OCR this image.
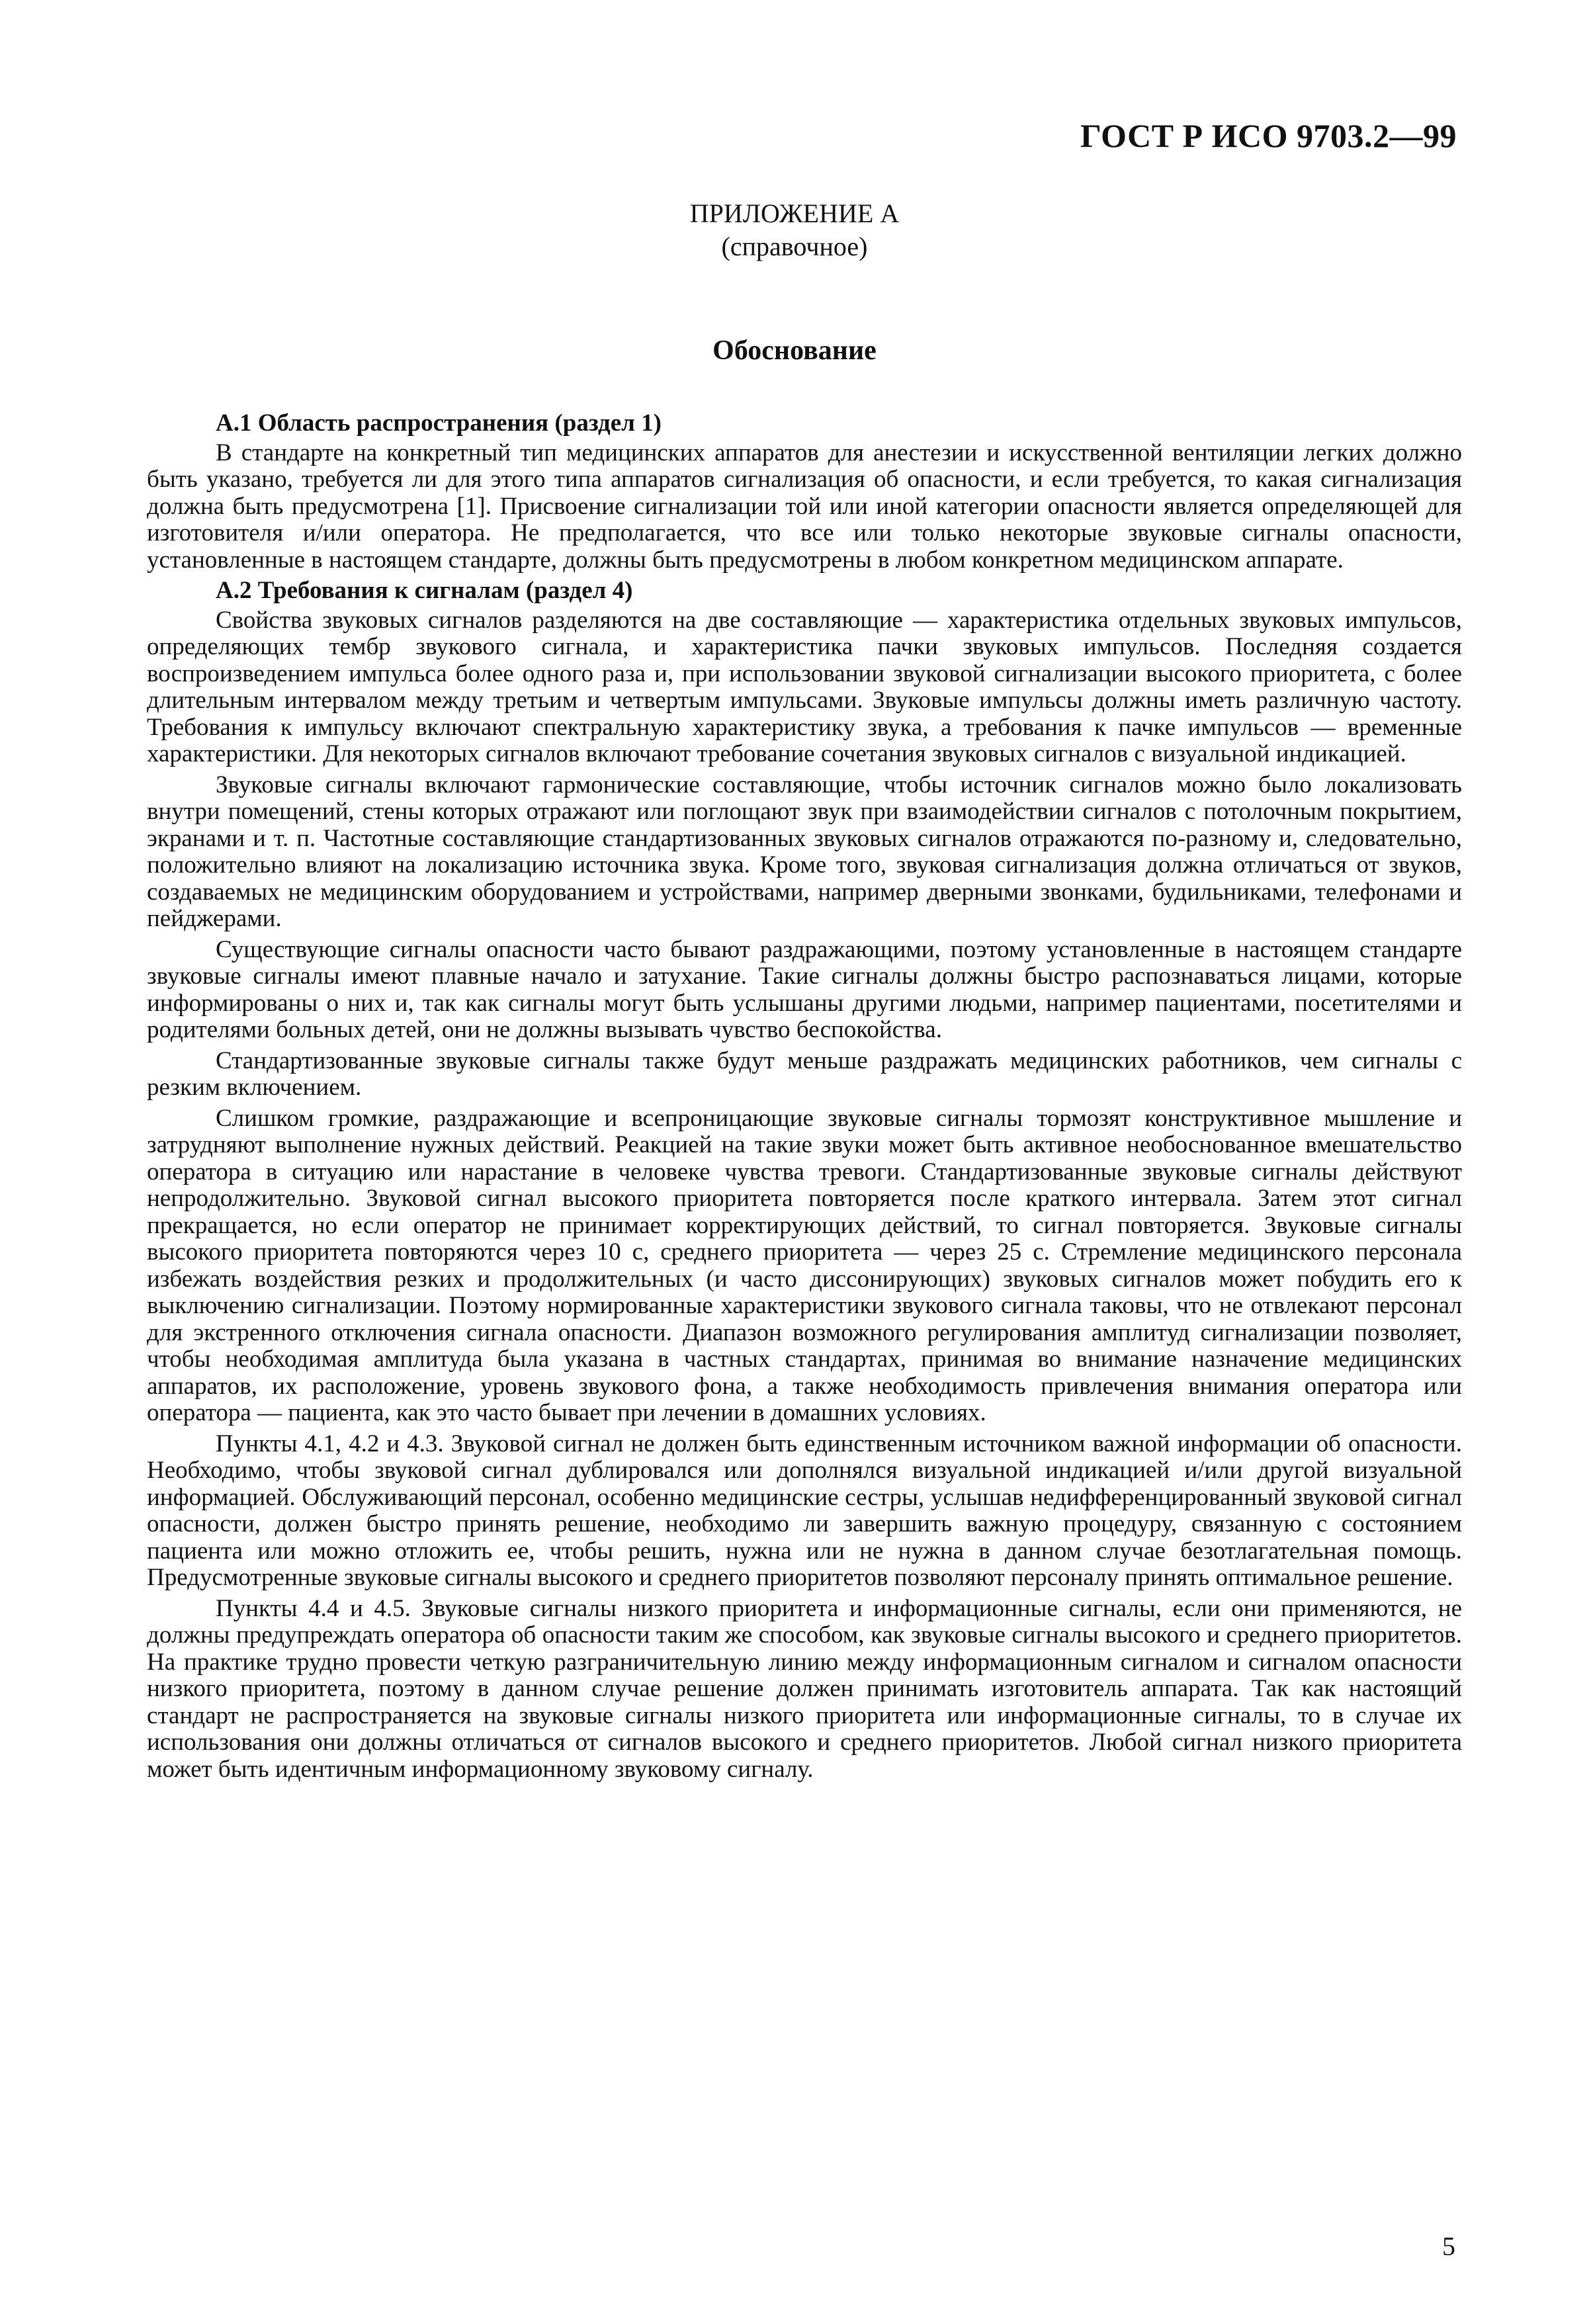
ГОСТ Р ИСО 9703.2—99
ПРИЛОЖЕНИЕ А
(справочное)
Обоснование
А.1 Область распространения (раздел 1)

В стандарте на конкретный тип медицинских аппаратов для анестезии и искусственной вентиляции легких должно быть указано, требуется ли для этого типа аппаратов сигнализация об опасности, и если требуется, то какая сигнализация должна быть предусмотрена [1]. Присвоение сигнализации той или иной категории опасности является определяющей для изготовителя и/или оператора. Не предполагается, что все или только некоторые звуковые сигналы опасности, установленные в настоящем стандарте, должны быть предусмотрены в любом конкретном медицинском аппарате.

А.2 Требования к сигналам (раздел 4)

Свойства звуковых сигналов разделяются на две составляющие — характеристика отдельных звуковых импульсов, определяющих тембр звукового сигнала, и характеристика пачки звуковых импульсов. Последняя создается воспроизведением импульса более одного раза и, при использовании звуковой сигнализации высокого приоритета, с более длительным интервалом между третьим и четвертым импульсами. Звуковые импульсы должны иметь различную частоту. Требования к импульсу включают спектральную характеристику звука, а требования к пачке импульсов — временные характеристики. Для некоторых сигналов включают требование сочетания звуковых сигналов с визуальной индикацией.

Звуковые сигналы включают гармонические составляющие, чтобы источник сигналов можно было локализовать внутри помещений, стены которых отражают или поглощают звук при взаимодействии сигналов с потолочным покрытием, экранами и т. п. Частотные составляющие стандартизованных звуковых сигналов отражаются по-разному и, следовательно, положительно влияют на локализацию источника звука. Кроме того, звуковая сигнализация должна отличаться от звуков, создаваемых не медицинским оборудованием и устройствами, например дверными звонками, будильниками, телефонами и пейджерами.

Существующие сигналы опасности часто бывают раздражающими, поэтому установленные в настоящем стандарте звуковые сигналы имеют плавные начало и затухание. Такие сигналы должны быстро распознаваться лицами, которые информированы о них и, так как сигналы могут быть услышаны другими людьми, например пациентами, посетителями и родителями больных детей, они не должны вызывать чувство беспокойства.

Стандартизованные звуковые сигналы также будут меньше раздражать медицинских работников, чем сигналы с резким включением.

Слишком громкие, раздражающие и всепроницающие звуковые сигналы тормозят конструктивное мышление и затрудняют выполнение нужных действий. Реакцией на такие звуки может быть активное необоснованное вмешательство оператора в ситуацию или нарастание в человеке чувства тревоги. Стандартизованные звуковые сигналы действуют непродолжительно. Звуковой сигнал высокого приоритета повторяется после краткого интервала. Затем этот сигнал прекращается, но если оператор не принимает корректирующих действий, то сигнал повторяется. Звуковые сигналы высокого приоритета повторяются через 10 с, среднего приоритета — через 25 с. Стремление медицинского персонала избежать воздействия резких и продолжительных (и часто диссонирующих) звуковых сигналов может побудить его к выключению сигнализации. Поэтому нормированные характеристики звукового сигнала таковы, что не отвлекают персонал для экстренного отключения сигнала опасности. Диапазон возможного регулирования амплитуд сигнализации позволяет, чтобы необходимая амплитуда была указана в частных стандартах, принимая во внимание назначение медицинских аппаратов, их расположение, уровень звукового фона, а также необходимость привлечения внимания оператора или оператора — пациента, как это часто бывает при лечении в домашних условиях.

Пункты 4.1, 4.2 и 4.3. Звуковой сигнал не должен быть единственным источником важной информации об опасности. Необходимо, чтобы звуковой сигнал дублировался или дополнялся визуальной индикацией и/или другой визуальной информацией. Обслуживающий персонал, особенно медицинские сестры, услышав недифференцированный звуковой сигнал опасности, должен быстро принять решение, необходимо ли завершить важную процедуру, связанную с состоянием пациента или можно отложить ее, чтобы решить, нужна или не нужна в данном случае безотлагательная помощь. Предусмотренные звуковые сигналы высокого и среднего приоритетов позволяют персоналу принять оптимальное решение.

Пункты 4.4 и 4.5. Звуковые сигналы низкого приоритета и информационные сигналы, если они применяются, не должны предупреждать оператора об опасности таким же способом, как звуковые сигналы высокого и среднего приоритетов. На практике трудно провести четкую разграничительную линию между информационным сигналом и сигналом опасности низкого приоритета, поэтому в данном случае решение должен принимать изготовитель аппарата. Так как настоящий стандарт не распространяется на звуковые сигналы низкого приоритета или информационные сигналы, то в случае их использования они должны отличаться от сигналов высокого и среднего приоритетов. Любой сигнал низкого приоритета может быть идентичным информационному звуковому сигналу.

5
